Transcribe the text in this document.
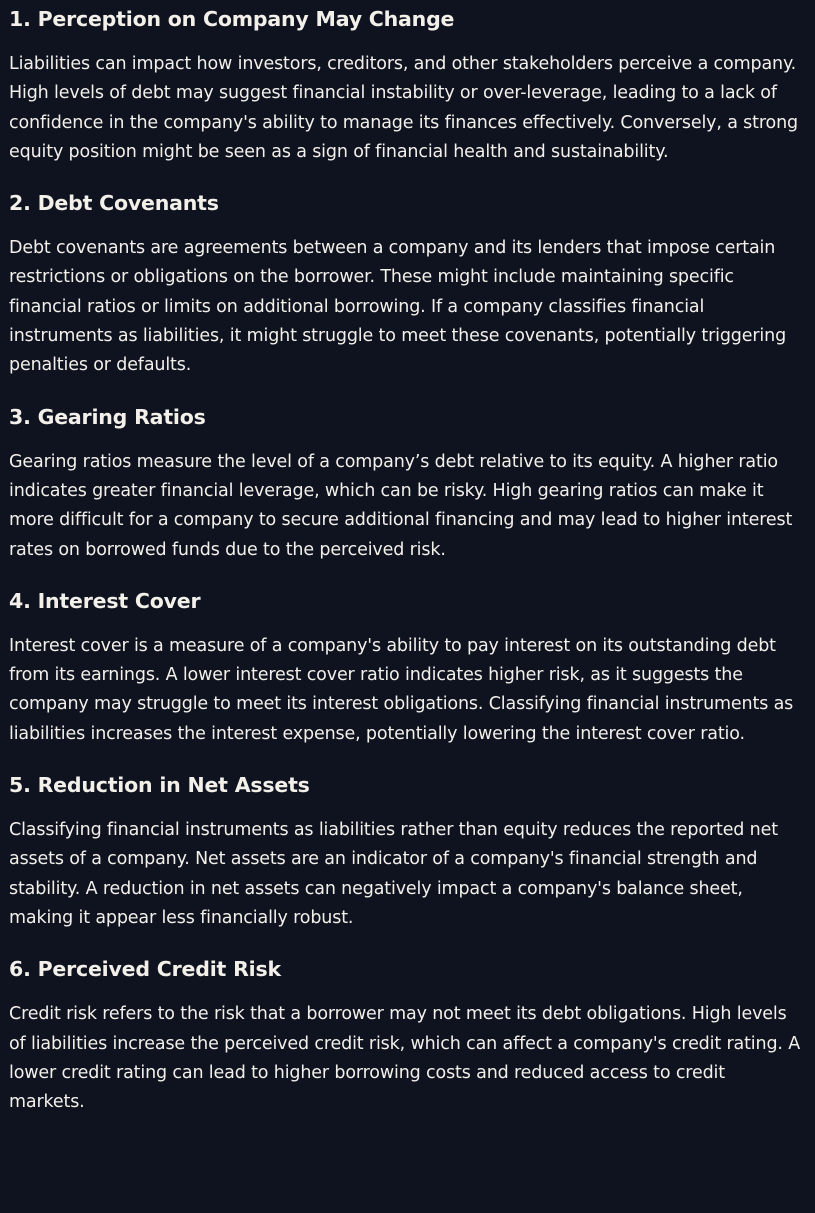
1. Perception on Company May Change
Liabilities can impact how investors, creditors, and other stakeholders perceive a company. High levels of debt may suggest financial instability or over-leverage, leading to a lack of confidence in the company's ability to manage its finances effectively. Conversely, a strong equity position might be seen as a sign of financial health and sustainability.
2. Debt Covenants
Debt covenants are agreements between a company and its lenders that impose certain restrictions or obligations on the borrower. These might include maintaining specific financial ratios or limits on additional borrowing. If a company classifies financial instruments as liabilities, it might struggle to meet these covenants, potentially triggering penalties or defaults.
3. Gearing Ratios
Gearing ratios measure the level of a company’s debt relative to its equity. A higher ratio indicates greater financial leverage, which can be risky. High gearing ratios can make it more difficult for a company to secure additional financing and may lead to higher interest rates on borrowed funds due to the perceived risk.
4. Interest Cover
Interest cover is a measure of a company's ability to pay interest on its outstanding debt from its earnings. A lower interest cover ratio indicates higher risk, as it suggests the company may struggle to meet its interest obligations. Classifying financial instruments as liabilities increases the interest expense, potentially lowering the interest cover ratio.
5. Reduction in Net Assets
Classifying financial instruments as liabilities rather than equity reduces the reported net assets of a company. Net assets are an indicator of a company's financial strength and stability. A reduction in net assets can negatively impact a company's balance sheet, making it appear less financially robust.
6. Perceived Credit Risk
Credit risk refers to the risk that a borrower may not meet its debt obligations. High levels of liabilities increase the perceived credit risk, which can affect a company's credit rating. A lower credit rating can lead to higher borrowing costs and reduced access to credit markets.
